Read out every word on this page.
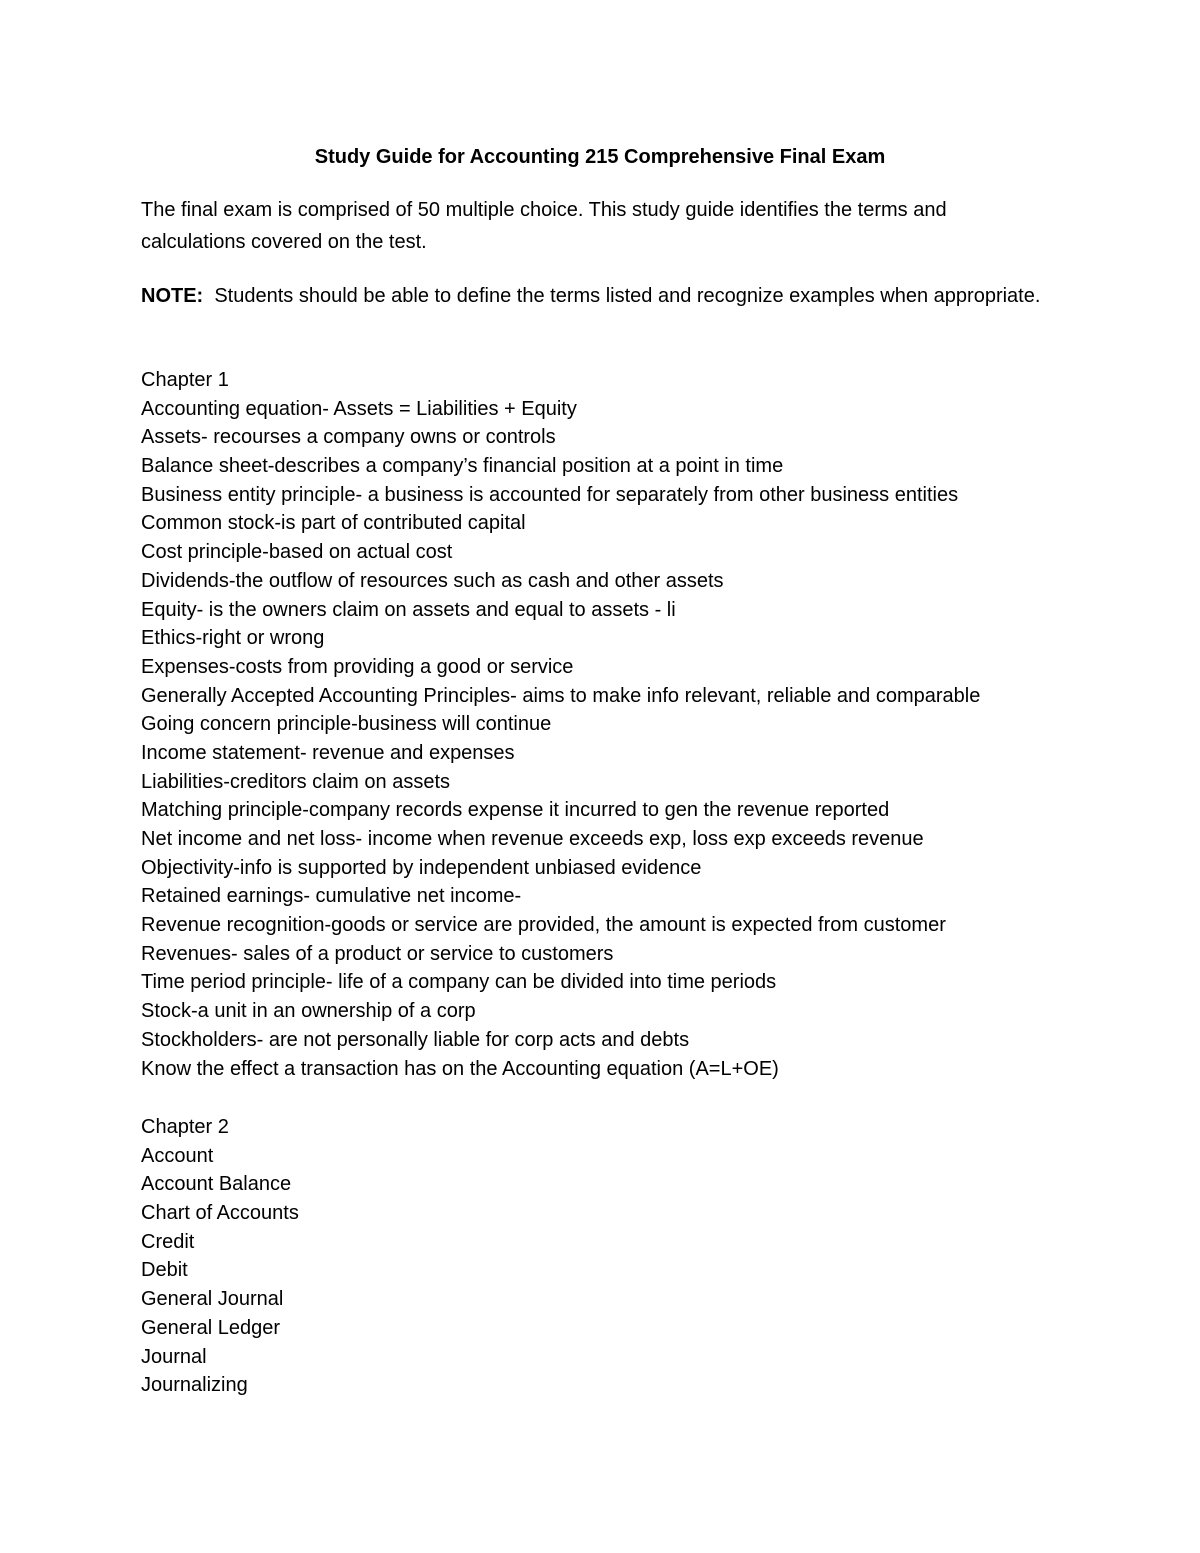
Study Guide for Accounting 215 Comprehensive Final Exam
The final exam is comprised of 50 multiple choice. This study guide identifies the terms and calculations covered on the test.
NOTE:  Students should be able to define the terms listed and recognize examples when appropriate.
Chapter 1
Accounting equation- Assets = Liabilities + Equity
Assets- recourses a company owns or controls
Balance sheet-describes a company’s financial position at a point in time
Business entity principle- a business is accounted for separately from other business entities
Common stock-is part of contributed capital
Cost principle-based on actual cost
Dividends-the outflow of resources such as cash and other assets
Equity- is the owners claim on assets and equal to assets - li
Ethics-right or wrong
Expenses-costs from providing a good or service
Generally Accepted Accounting Principles- aims to make info relevant, reliable and comparable
Going concern principle-business will continue
Income statement- revenue and expenses
Liabilities-creditors claim on assets
Matching principle-company records expense it incurred to gen the revenue reported
Net income and net loss- income when revenue exceeds exp, loss exp exceeds revenue
Objectivity-info is supported by independent unbiased evidence
Retained earnings- cumulative net income-
Revenue recognition-goods or service are provided, the amount is expected from customer
Revenues- sales of a product or service to customers
Time period principle- life of a company can be divided into time periods
Stock-a unit in an ownership of a corp
Stockholders- are not personally liable for corp acts and debts
Know the effect a transaction has on the Accounting equation (A=L+OE)
Chapter 2
Account
Account Balance
Chart of Accounts
Credit
Debit
General Journal
General Ledger
Journal
Journalizing
